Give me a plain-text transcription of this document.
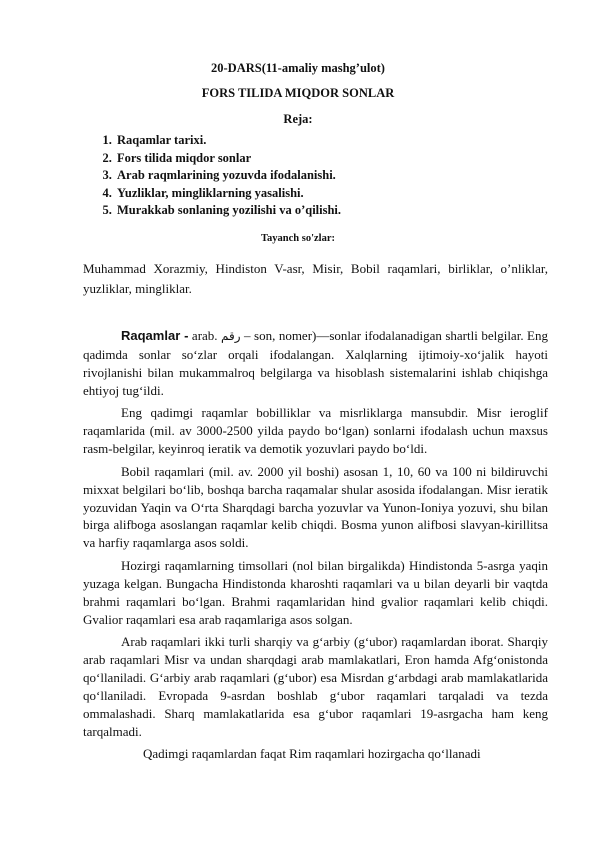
20-DARS(11-amaliy mashg’ulot)
FORS TILIDA MIQDOR SONLAR
Reja:
1. Raqamlar tarixi.
2. Fors tilida miqdor sonlar
3. Arab raqmlarining yozuvda ifodalanishi.
4. Yuzliklar, mingliklarning yasalishi.
5. Murakkab sonlaning yozilishi va o’qilishi.
Tayanch so'zlar:
Muhammad Xorazmiy, Hindiston V-asr, Misir, Bobil raqamlari, birliklar, o’nliklar, yuzliklar, mingliklar.

Raqamlar - arab. رقم – son, nomer)—sonlar ifodalanadigan shartli belgilar. Eng qadimda sonlar so‘zlar orqali ifodalangan. Xalqlarning ijtimoiy-xo‘jalik hayoti rivojlanishi bilan mukammalroq belgilarga va hisoblash sistemalarini ishlab chiqishga ehtiyoj tug‘ildi.

Eng qadimgi raqamlar bobilliklar va misrliklarga mansubdir. Misr ieroglif raqamlarida (mil. av 3000-2500 yilda paydo bo‘lgan) sonlarni ifodalash uchun maxsus rasm-belgilar, keyinroq ieratik va demotik yozuvlari paydo bo‘ldi.

Bobil raqamlari (mil. av. 2000 yil boshi) asosan 1, 10, 60 va 100 ni bildiruvchi mixxat belgilari bo‘lib, boshqa barcha raqamalar shular asosida ifodalangan. Misr ieratik yozuvidan Yaqin va O‘rta Sharqdagi barcha yozuvlar va Yunon-Ioniya yozuvi, shu bilan birga alifboga asoslangan raqamlar kelib chiqdi. Bosma yunon alifbosi slavyan-kirillitsa va harfiy raqamlarga asos soldi.

Hozirgi raqamlarning timsollari (nol bilan birgalikda) Hindistonda 5-asrga yaqin yuzaga kelgan. Bungacha Hindistonda kharoshti raqamlari va u bilan deyarli bir vaqtda brahmi raqamlari bo‘lgan. Brahmi raqamlaridan hind gvalior raqamlari kelib chiqdi. Gvalior raqamlari esa arab raqamlariga asos solgan.

Arab raqamlari ikki turli sharqiy va g‘arbiy (g‘ubor) raqamlardan iborat. Sharqiy arab raqamlari Misr va undan sharqdagi arab mamlakatlari, Eron hamda Afg‘onistonda qo‘llaniladi. G‘arbiy arab raqamlari (g‘ubor) esa Misrdan g‘arbdagi arab mamlakatlarida qo‘llaniladi. Evropada 9-asrdan boshlab g‘ubor raqamlari tarqaladi va tezda ommalashadi. Sharq mamlakatlarida esa g‘ubor raqamlari 19-asrgacha ham keng tarqalmadi.

Qadimgi raqamlardan faqat Rim raqamlari hozirgacha qo‘llanadi
